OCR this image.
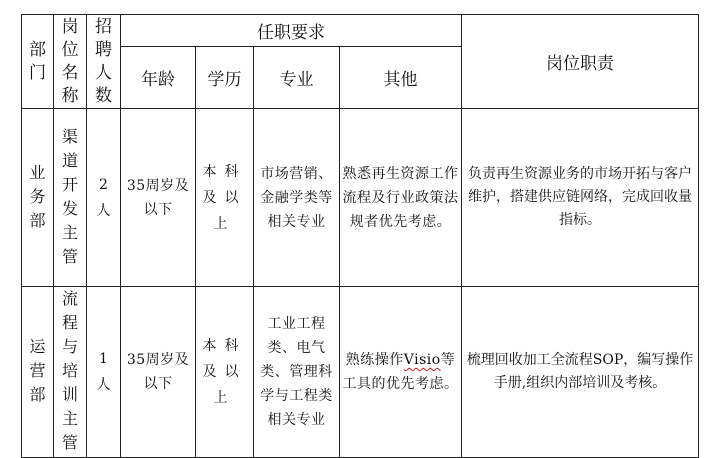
部门	岗位名称	招聘人数	任职要求				岗位职责
			年龄	学历	专业	其他	
业务部	渠道开发主管	2人	35周岁及以下	本科及以上	市场营销、金融学类等相关专业	熟悉再生资源工作流程及行业政策法规者优先考虑。	负责再生资源业务的市场开拓与客户维护，搭建供应链网络，完成回收量指标。
运营部	流程与培训主管	1人	35周岁及以下	本科及以上	工业工程类、电气类、管理科学与工程类相关专业	熟练操作Visio等工具的优先考虑。	梳理回收加工全流程SOP，编写操作手册,组织内部培训及考核。
